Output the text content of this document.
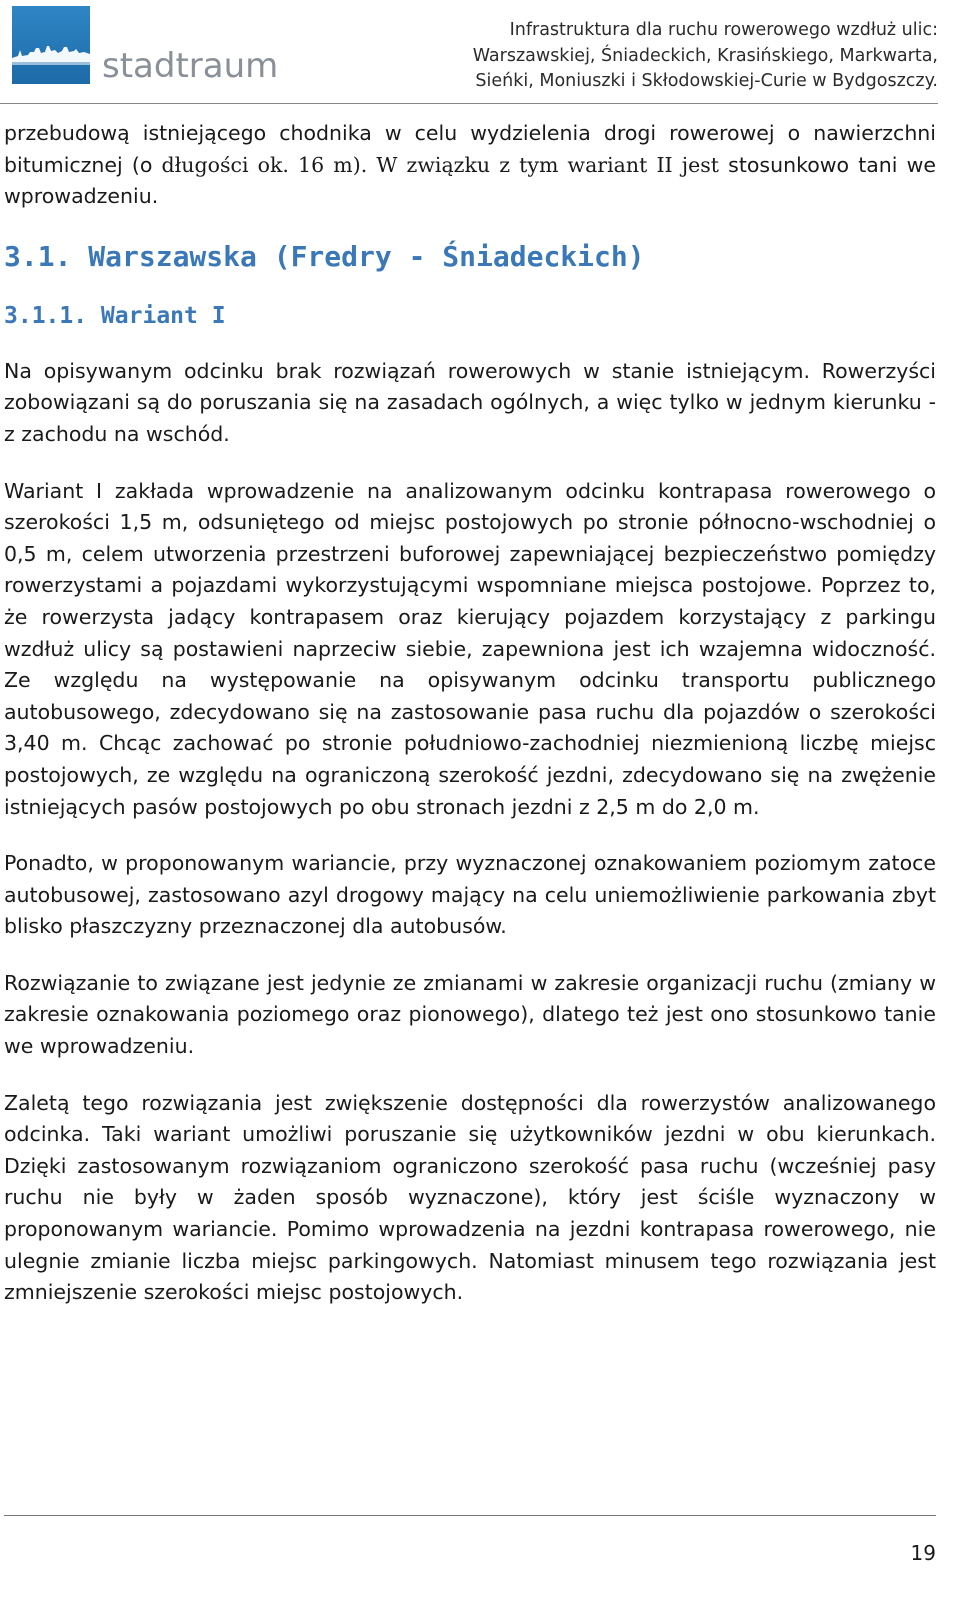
stadtraum
Infrastruktura dla ruchu rowerowego wzdłuż ulic:
Warszawskiej, Śniadeckich, Krasińskiego, Markwarta,
Sieńki, Moniuszki i Skłodowskiej-Curie w Bydgoszczy.

przebudową istniejącego chodnika w celu wydzielenia drogi rowerowej o nawierzchni bitumicznej (o długości ok. 16 m). W związku z tym wariant II jest stosunkowo tani we wprowadzeniu.

3.1. Warszawska (Fredry - Śniadeckich)
3.1.1. Wariant I

Na opisywanym odcinku brak rozwiązań rowerowych w stanie istniejącym. Rowerzyści zobowiązani są do poruszania się na zasadach ogólnych, a więc tylko w jednym kierunku - z zachodu na wschód.

Wariant I zakłada wprowadzenie na analizowanym odcinku kontrapasa rowerowego o szerokości 1,5 m, odsuniętego od miejsc postojowych po stronie północno-wschodniej o 0,5 m, celem utworzenia przestrzeni buforowej zapewniającej bezpieczeństwo pomiędzy rowerzystami a pojazdami wykorzystującymi wspomniane miejsca postojowe. Poprzez to, że rowerzysta jadący kontrapasem oraz kierujący pojazdem korzystający z parkingu wzdłuż ulicy są postawieni naprzeciw siebie, zapewniona jest ich wzajemna widoczność. Ze względu na występowanie na opisywanym odcinku transportu publicznego autobusowego, zdecydowano się na zastosowanie pasa ruchu dla pojazdów o szerokości 3,40 m. Chcąc zachować po stronie południowo-zachodniej niezmienioną liczbę miejsc postojowych, ze względu na ograniczoną szerokość jezdni, zdecydowano się na zwężenie istniejących pasów postojowych po obu stronach jezdni z 2,5 m do 2,0 m.

Ponadto, w proponowanym wariancie, przy wyznaczonej oznakowaniem poziomym zatoce autobusowej, zastosowano azyl drogowy mający na celu uniemożliwienie parkowania zbyt blisko płaszczyzny przeznaczonej dla autobusów.

Rozwiązanie to związane jest jedynie ze zmianami w zakresie organizacji ruchu (zmiany w zakresie oznakowania poziomego oraz pionowego), dlatego też jest ono stosunkowo tanie we wprowadzeniu.

Zaletą tego rozwiązania jest zwiększenie dostępności dla rowerzystów analizowanego odcinka. Taki wariant umożliwi poruszanie się użytkowników jezdni w obu kierunkach. Dzięki zastosowanym rozwiązaniom ograniczono szerokość pasa ruchu (wcześniej pasy ruchu nie były w żaden sposób wyznaczone), który jest ściśle wyznaczony w proponowanym wariancie. Pomimo wprowadzenia na jezdni kontrapasa rowerowego, nie ulegnie zmianie liczba miejsc parkingowych. Natomiast minusem tego rozwiązania jest zmniejszenie szerokości miejsc postojowych.

19
